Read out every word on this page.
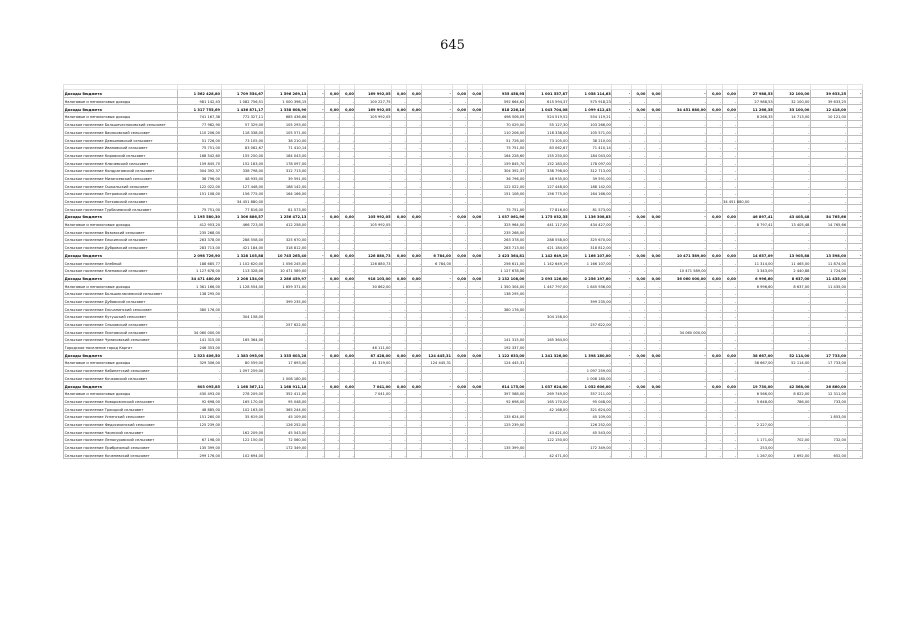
645

Доходы бюджета	1 562 428,80	1 709 554,67	1 596 269,13	-	0,00	0,00	169 992,05	0,00	0,00	-	0,00	0,00	935 458,95	1 001 557,87	1 058 114,63	-	0,00	0,00	-	0,00	0,00	27 988,53	32 100,00	39 633,25	-
Налоговые и неналоговые доходы	981 142,43	1 082 756,51	1 000 398,15	-	-	-	100 227,75	-	-	-	-	-	592 664,62	615 594,37	575 918,23	-	-	-	-	-	-	27 988,53	32 100,00	39 633,25	-
Доходы бюджета	1 317 755,69	1 436 871,17	1 338 608,90	-	0,00	0,00	169 992,05	0,00	0,00	-	0,00	0,00	818 226,16	1 043 704,08	1 099 412,43	-	0,00	0,00	34 451 880,00	0,00	0,00	11 266,35	33 100,00	12 418,00	-
Налоговые и неналоговые доходы	741 167,38	772 327,11	685 436,66	-	-	-	105 992,05	-	-	-	-	-	498 506,05	524 519,52	554 119,21	-	-	-	-	-	-	8 266,35	14 713,00	10 121,00	-
Сельское поселение Большечесноковский сельсовет	77 982,90	57 329,00	105 293,00	-	-	-	-	-	-	-	-	-	70 029,00	55 127,30	103 266,00	-	-	-	-	-	-	-	-	-	-
Сельское поселение Васюковский сельсовет	110 206,00	118 338,00	105 571,00	-	-	-	-	-	-	-	-	-	110 206,00	118 338,00	105 571,00	-	-	-	-	-	-	-	-	-	-
Сельское поселение Демьяновский сельсовет	51 726,00	73 105,00	38 210,00	-	-	-	-	-	-	-	-	-	51 726,00	73 105,00	38 210,00	-	-	-	-	-	-	-	-	-	-
Сельское поселение Ивановский сельсовет	75 751,00	83 062,67	71 410,14	-	-	-	-	-	-	-	-	-	75 751,00	83 062,67	71 410,14	-	-	-	-	-	-	-	-	-	-
Сельское поселение Кировский сельсовет	168 542,60	155 250,00	184 043,00	-	-	-	-	-	-	-	-	-	164 228,60	155 250,00	184 043,00	-	-	-	-	-	-	-	-	-	-
Сельское поселение Ключевский сельсовет	159 845,70	152 183,00	178 097,00	-	-	-	-	-	-	-	-	-	159 845,70	152 183,00	178 097,00	-	-	-	-	-	-	-	-	-	-
Сельское поселение Кондратовский сельсовет	304 392,37	338 798,00	312 713,00	-	-	-	-	-	-	-	-	-	304 392,37	338 798,00	312 713,00	-	-	-	-	-	-	-	-	-	-
Сельское поселение Мизансевский сельсовет	36 796,00	48 935,00	39 591,00	-	-	-	-	-	-	-	-	-	36 796,00	48 935,00	39 591,00	-	-	-	-	-	-	-	-	-	-
Сельское поселение Ошкальский сельсовет	122 022,00	127 448,00	188 142,00	-	-	-	-	-	-	-	-	-	122 022,00	127 448,00	188 142,00	-	-	-	-	-	-	-	-	-	-
Сельское поселение Петровский сельсовет	151 108,00	156 775,00	164 166,00	-	-	-	-	-	-	-	-	-	151 108,00	156 775,00	164 166,00	-	-	-	-	-	-	-	-	-	-
Сельское поселение Пятковский сельсовет	-	34 451 880,00	-	-	-	-	-	-	-	-	-	-	-	-	-	-	-	-	-	-	34 451 880,00	-	-	-	-
Сельское поселение Турбачевский сельсовет	75 751,00	77 816,00	81 573,00	-	-	-	-	-	-	-	-	-	75 751,00	77 816,00	81 573,00	-	-	-	-	-	-	-	-	-	-
Доходы бюджета	1 195 580,30	1 306 886,57	1 256 472,13	-	0,00	0,00	105 992,05	0,00	0,00	-	0,00	0,00	1 037 061,96	1 175 032,35	1 136 308,83	-	0,00	0,00	-	0,00	0,00	46 897,41	43 405,48	54 765,66	-
Налоговые и неналоговые доходы	412 953,20	466 723,00	412 258,00	-	-	-	105 992,05	-	-	-	-	-	325 964,00	441 117,00	434 427,00	-	-	-	-	-	-	8 797,41	13 405,48	14 765,66	-
Сельское поселение Вязовский сельсовет	235 268,00	-	-	-	-	-	-	-	-	-	-	-	235 268,00	-	-	-	-	-	-	-	-	-	-	-	-
Сельское поселение Елькинский сельсовет	263 378,00	288 558,00	325 670,00	-	-	-	-	-	-	-	-	-	263 378,00	288 558,00	325 670,00	-	-	-	-	-	-	-	-	-	-
Сельское поселение Дубровский сельсовет	283 713,00	421 184,00	318 812,00	-	-	-	-	-	-	-	-	-	283 713,00	421 184,00	318 812,00	-	-	-	-	-	-	-	-	-	-
Доходы бюджета	2 098 726,90	1 328 105,88	10 745 265,40	-	0,00	0,00	126 880,73	0,00	0,00	6 784,00	0,00	0,00	2 423 364,81	1 142 649,19	1 166 107,00	-	0,00	0,00	10 471 589,00	0,00	0,00	14 657,09	13 905,88	13 598,00	-
Сельское поселение Хлебный	188 685,77	1 102 620,00	1 056 245,00	-	-	-	126 880,73	-	-	6 784,00	-	-	256 611,00	1 142 649,19	1 166 107,00	-	-	-	-	-	-	11 314,00	11 465,00	11 874,00	-
Сельское поселение Кленовский сельсовет	1 127 678,00	113 328,00	10 471 589,00	-	-	-	-	-	-	-	-	-	1 127 678,00	-	-	-	-	-	10 471 589,00	-	-	3 343,09	2 440,88	1 724,00	-
Доходы бюджета	34 471 480,00	2 208 154,00	2 286 459,97	-	0,00	0,00	918 103,00	0,00	0,00	-	0,00	0,00	2 132 108,00	2 093 126,00	2 256 197,60	-	0,00	0,00	36 060 000,00	0,00	0,00	6 996,60	8 637,00	11 435,00	-
Налоговые и неналоговые доходы	1 361 166,00	1 128 554,00	1 659 371,00	-	-	-	30 862,00	-	-	-	-	-	1 350 304,00	1 447 797,00	1 645 936,00	-	-	-	-	-	-	6 996,60	8 637,00	11 435,00	-
Сельское поселение Большеключевской сельсовет	138 295,00	-	-	-	-	-	-	-	-	-	-	-	138 295,00	-	-	-	-	-	-	-	-	-	-	-	-
Сельское поселение Дубовский сельсовет	-	-	399 235,00	-	-	-	-	-	-	-	-	-	-	-	399 235,00	-	-	-	-	-	-	-	-	-	-
Сельское поселение Ельчанинский сельсовет	380 176,00	-	-	-	-	-	-	-	-	-	-	-	380 176,00	-	-	-	-	-	-	-	-	-	-	-	-
Сельское поселение Кутушский сельсовет	-	304 158,00	-	-	-	-	-	-	-	-	-	-	-	304 158,00	-	-	-	-	-	-	-	-	-	-	-
Сельское поселение Ольховский сельсовет	-	-	257 622,00	-	-	-	-	-	-	-	-	-	-	-	257 622,00	-	-	-	-	-	-	-	-	-	-
Сельское поселение Пихтовский сельсовет	34 060 000,00	-	-	-	-	-	-	-	-	-	-	-	-	-	-	-	-	-	34 060 000,00	-	-	-	-	-	-
Сельское поселение Чумаковский сельсовет	141 315,00	165 364,00	-	-	-	-	-	-	-	-	-	-	141 315,00	165 364,00	-	-	-	-	-	-	-	-	-	-	-
Городское поселение город Каргат	246 353,00	-	-	-	-	-	46 111,00	-	-	-	-	-	192 337,00	-	-	-	-	-	-	-	-	-	-	-	-
Доходы бюджета	1 523 406,50	1 383 095,00	1 335 603,28	-	0,00	0,00	87 428,00	0,00	0,00	124 445,31	0,00	0,00	1 122 633,00	1 241 326,00	1 398 180,00	-	0,00	0,00	-	0,00	0,00	38 667,00	52 114,00	17 733,00	-
Налоговые и неналоговые доходы	329 306,00	80 559,00	17 693,00	-	-	-	41 319,00	-	-	124 445,31	-	-	124 445,31	-	-	-	-	-	-	-	-	38 667,00	52 114,00	17 733,00	-
Сельское поселение Кабинетский сельсовет	-	1 097 259,00	-	-	-	-	-	-	-	-	-	-	-	-	1 097 259,00	-	-	-	-	-	-	-	-	-	-
Сельское поселение Кочковский сельсовет	-	-	1 008 180,00	-	-	-	-	-	-	-	-	-	-	-	1 008 180,00	-	-	-	-	-	-	-	-	-	-
Доходы бюджета	603 095,85	1 168 367,11	1 168 911,18	-	0,00	0,00	7 041,00	0,00	0,00	-	0,00	0,00	614 175,00	1 037 624,00	1 052 606,00	-	0,00	0,00	-	0,00	0,00	19 730,00	42 568,00	26 860,00	-
Налоговые и неналоговые доходы	430 493,00	278 209,00	352 411,00	-	-	-	7 041,00	-	-	-	-	-	397 588,00	269 749,00	357 211,00	-	-	-	-	-	-	6 566,00	8 822,00	12 311,00	-
Сельское поселение Новорозинский сельсовет	92 698,00	165 170,00	95 048,00	-	-	-	-	-	-	-	-	-	92 698,00	165 170,00	95 048,00	-	-	-	-	-	-	5 648,00	786,00	733,00	-
Сельское поселение Троицкий сельсовет	48 885,00	102 163,00	365 244,00	-	-	-	-	-	-	-	-	-	-	42 168,00	321 624,00	-	-	-	-	-	-	-	-	-	-
Сельское поселение Успенский сельсовет	151 260,00	35 619,00	45 109,00	-	-	-	-	-	-	-	-	-	135 624,00	-	45 109,00	-	-	-	-	-	-	-	-	1 853,00	-
Сельское поселение Федосихинский сельсовет	125 239,00	-	126 252,00	-	-	-	-	-	-	-	-	-	125 239,00	-	126 252,00	-	-	-	-	-	-	2 227,00	-	-	-
Сельское поселение Чаинский сельсовет	-	162 209,00	45 543,00	-	-	-	-	-	-	-	-	-	-	43 421,00	45 543,00	-	-	-	-	-	-	-	-	-	-
Сельское поселение Лепокуровский сельсовет	67 198,00	122 150,00	72 060,00	-	-	-	-	-	-	-	-	-	-	122 150,00	-	-	-	-	-	-	-	1 171,00	702,00	732,00	-
Сельское поселение Прибрежный сельсовет	135 399,00	-	172 349,00	-	-	-	-	-	-	-	-	-	135 399,00	-	172 349,00	-	-	-	-	-	-	253,00	-	-	-
Сельское поселение Коченевский сельсовет	299 176,00	102 694,00	-	-	-	-	-	-	-	-	-	-	-	42 471,00	-	-	-	-	-	-	-	1 267,00	1 692,00	652,00	-
